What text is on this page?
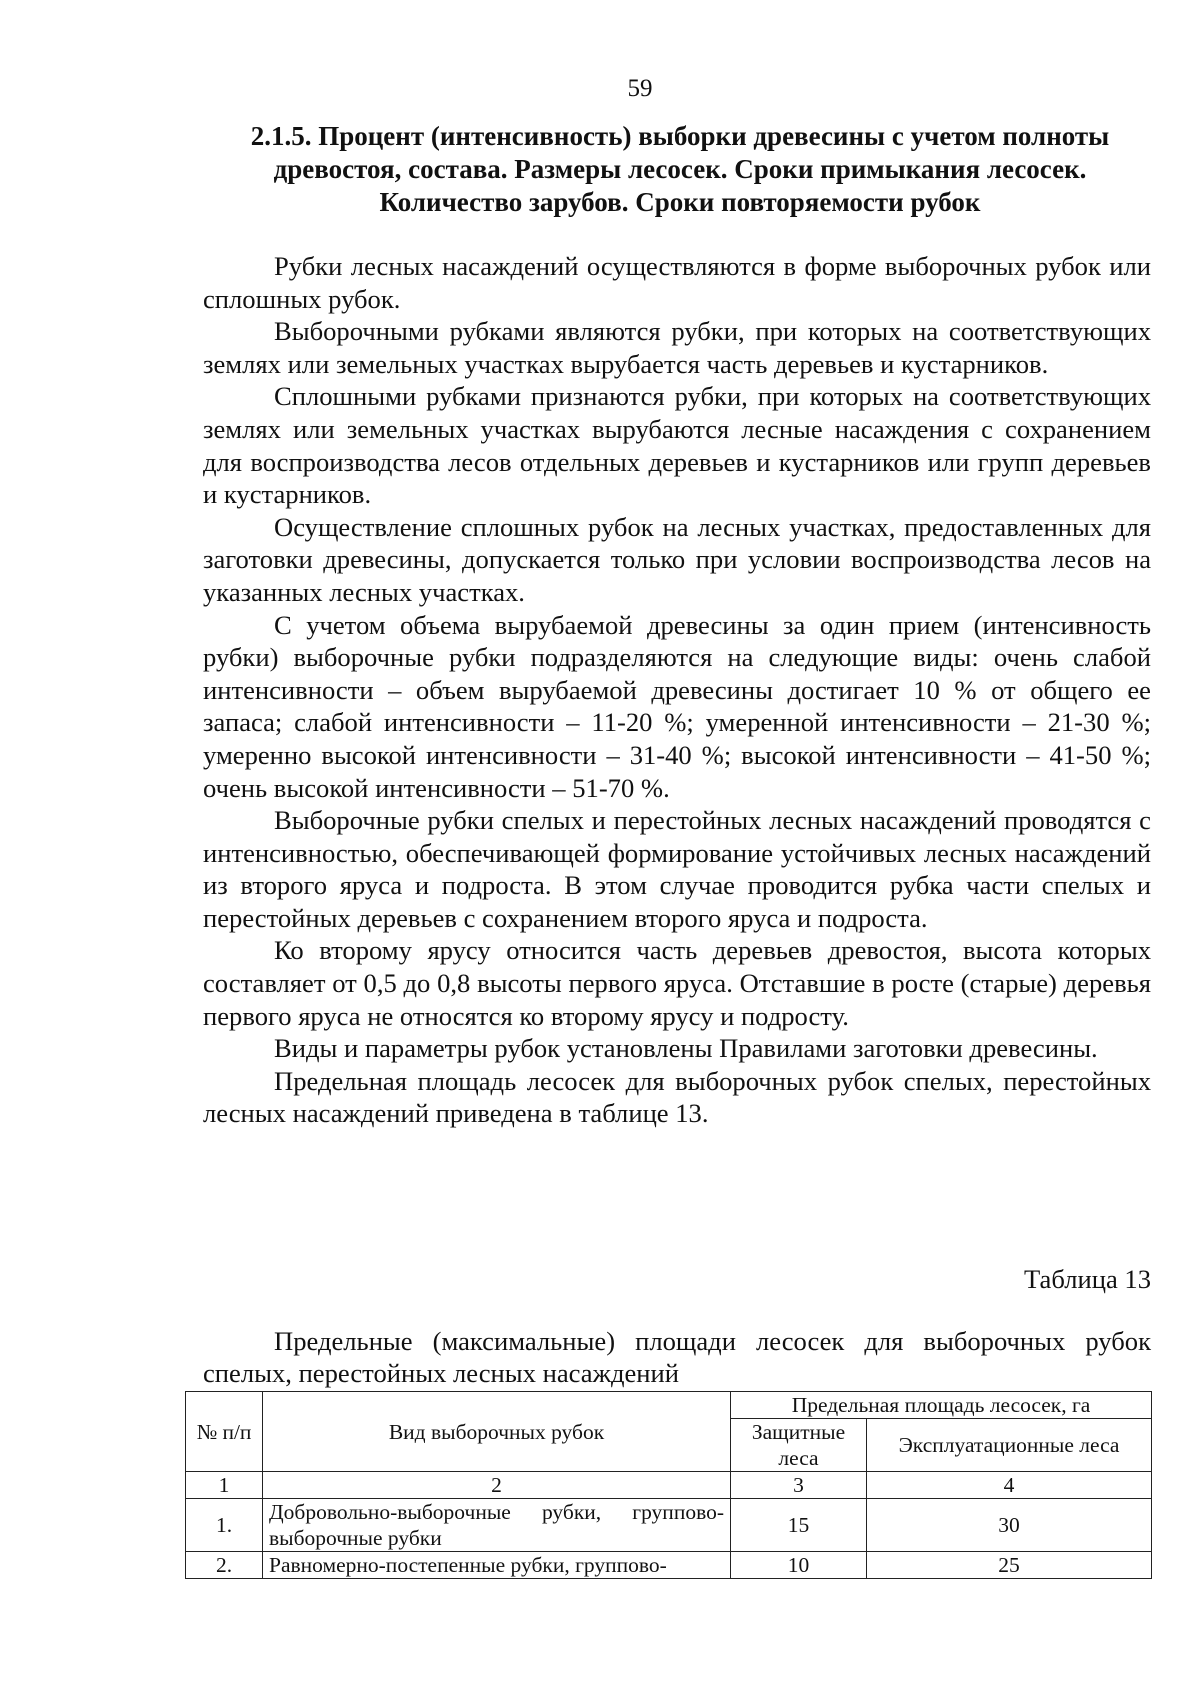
59
2.1.5. Процент (интенсивность) выборки древесины с учетом полноты
древостоя, состава. Размеры лесосек. Сроки примыкания лесосек.
Количество зарубов. Сроки повторяемости рубок

Рубки лесных насаждений осуществляются в форме выборочных рубок или сплошных рубок.

Выборочными рубками являются рубки, при которых на соответствующих землях или земельных участках вырубается часть деревьев и кустарников.

Сплошными рубками признаются рубки, при которых на соответствующих землях или земельных участках вырубаются лесные насаждения с сохранением для воспроизводства лесов отдельных деревьев и кустарников или групп деревьев и кустарников.

Осуществление сплошных рубок на лесных участках, предоставленных для заготовки древесины, допускается только при условии воспроизводства лесов на указанных лесных участках.

С учетом объема вырубаемой древесины за один прием (интенсивность рубки) выборочные рубки подразделяются на следующие виды: очень слабой интенсивности – объем вырубаемой древесины достигает 10 % от общего ее запаса; слабой интенсивности – 11-20 %; умеренной интенсивности – 21-30 %; умеренно высокой интенсивности – 31-40 %; высокой интенсивности – 41-50 %; очень высокой интенсивности – 51-70 %.

Выборочные рубки спелых и перестойных лесных насаждений проводятся с интенсивностью, обеспечивающей формирование устойчивых лесных насаждений из второго яруса и подроста. В этом случае проводится рубка части спелых и перестойных деревьев с сохранением второго яруса и подроста.

Ко второму ярусу относится часть деревьев древостоя, высота которых составляет от 0,5 до 0,8 высоты первого яруса. Отставшие в росте (старые) деревья первого яруса не относятся ко второму ярусу и подросту.

Виды и параметры рубок установлены Правилами заготовки древесины.

Предельная площадь лесосек для выборочных рубок спелых, перестойных лесных насаждений приведена в таблице 13.

Таблица 13

Предельные (максимальные) площади лесосек для выборочных рубок спелых, перестойных лесных насаждений

№ п/п	Вид выборочных рубок	Предельная площадь лесосек, га	
		Защитные леса	Эксплуатационные леса
1	2	3	4
1.	Добровольно-выборочные рубки, группово-выборочные рубки	15	30
2.	Равномерно-постепенные рубки, группово-	10	25
